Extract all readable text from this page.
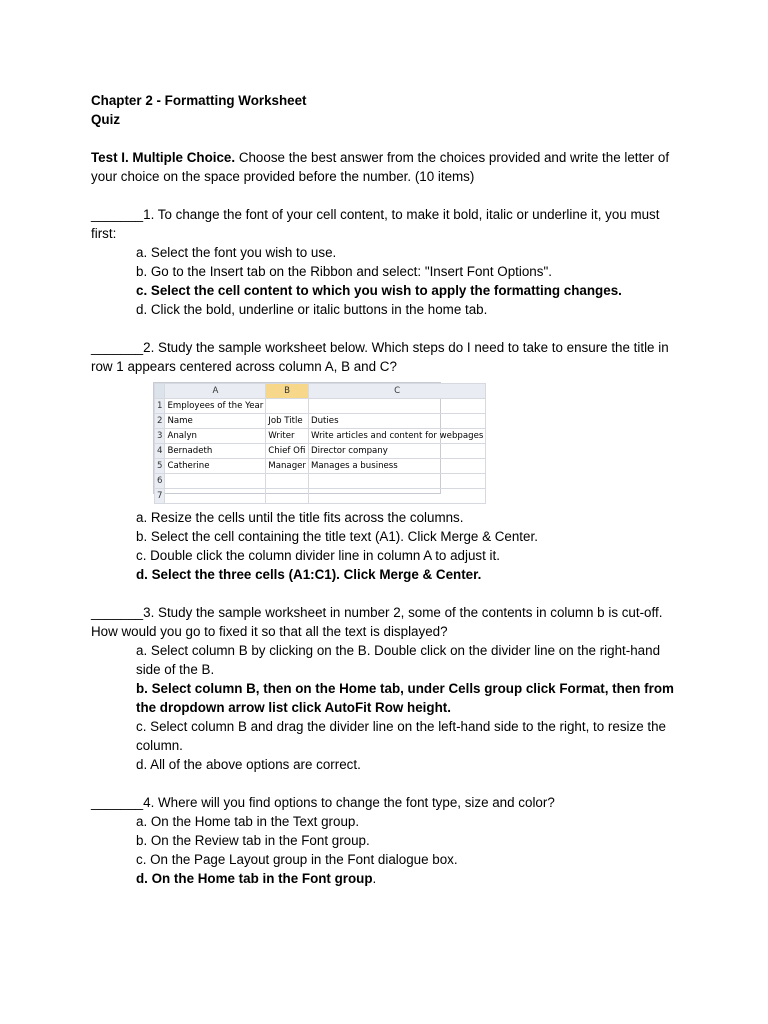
Chapter 2 - Formatting Worksheet

Quiz

Test I. Multiple Choice. Choose the best answer from the choices provided and write the letter of your choice on the space provided before the number. (10 items)

_______1. To change the font of your cell content, to make it bold, italic or underline it, you must first:

a. Select the font you wish to use.

b. Go to the Insert tab on the Ribbon and select: "Insert Font Options".

c. Select the cell content to which you wish to apply the formatting changes.

d. Click the bold, underline or italic buttons in the home tab.

_______2. Study the sample worksheet below. Which steps do I need to take to ensure the title in row 1 appears centered across column A, B and C?

	A	B	C
1	Employees of the Year		
2	Name	Job Title	Duties
3	Analyn	Writer	Write articles and content for webpages
4	Bernadeth	Chief Ofi	Director company
5	Catherine	Manager	Manages a business
6			
7			

a. Resize the cells until the title fits across the columns.

b. Select the cell containing the title text (A1). Click Merge & Center.

c. Double click the column divider line in column A to adjust it.

d. Select the three cells (A1:C1). Click Merge & Center.

_______3. Study the sample worksheet in number 2, some of the contents in column b is cut-off. How would you go to fixed it so that all the text is displayed?

a. Select column B by clicking on the B. Double click on the divider line on the right-hand side of the B.

b. Select column B, then on the Home tab, under Cells group click Format, then from the dropdown arrow list click AutoFit Row height.

c. Select column B and drag the divider line on the left-hand side to the right, to resize the column.

d. All of the above options are correct.

_______4. Where will you find options to change the font type, size and color?

a. On the Home tab in the Text group.

b. On the Review tab in the Font group.

c. On the Page Layout group in the Font dialogue box.

d. On the Home tab in the Font group.
